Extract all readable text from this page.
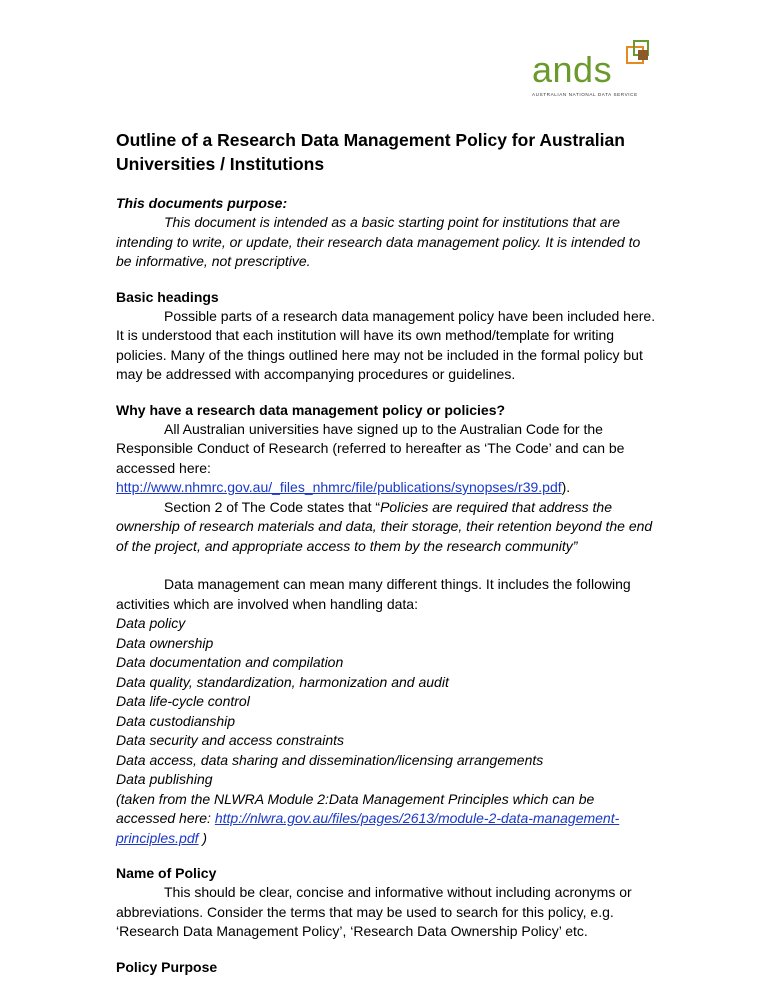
ands
AUSTRALIAN NATIONAL DATA SERVICE
Outline of a Research Data Management Policy for Australian Universities / Institutions
This documents purpose:

This document is intended as a basic starting point for institutions that are intending to write, or update, their research data management policy. It is intended to be informative, not prescriptive.

Basic headings

Possible parts of a research data management policy have been included here. It is understood that each institution will have its own method/template for writing policies. Many of the things outlined here may not be included in the formal policy but may be addressed with accompanying procedures or guidelines.

Why have a research data management policy or policies?

All Australian universities have signed up to the Australian Code for the Responsible Conduct of Research (referred to hereafter as ‘The Code’ and can be accessed here: http://www.nhmrc.gov.au/_files_nhmrc/file/publications/synopses/r39.pdf).

Section 2 of The Code states that “Policies are required that address the ownership of research materials and data, their storage, their retention beyond the end of the project, and appropriate access to them by the research community”

Data management can mean many different things. It includes the following activities which are involved when handling data:

Data policy
Data ownership
Data documentation and compilation
Data quality, standardization, harmonization and audit
Data life-cycle control
Data custodianship
Data security and access constraints
Data access, data sharing and dissemination/licensing arrangements
Data publishing

(taken from the NLWRA Module 2:Data Management Principles which can be accessed here: http://nlwra.gov.au/files/pages/2613/module-2-data-management-principles.pdf )

Name of Policy

This should be clear, concise and informative without including acronyms or abbreviations. Consider the terms that may be used to search for this policy, e.g. ‘Research Data Management Policy’, ‘Research Data Ownership Policy’ etc.

Policy Purpose
